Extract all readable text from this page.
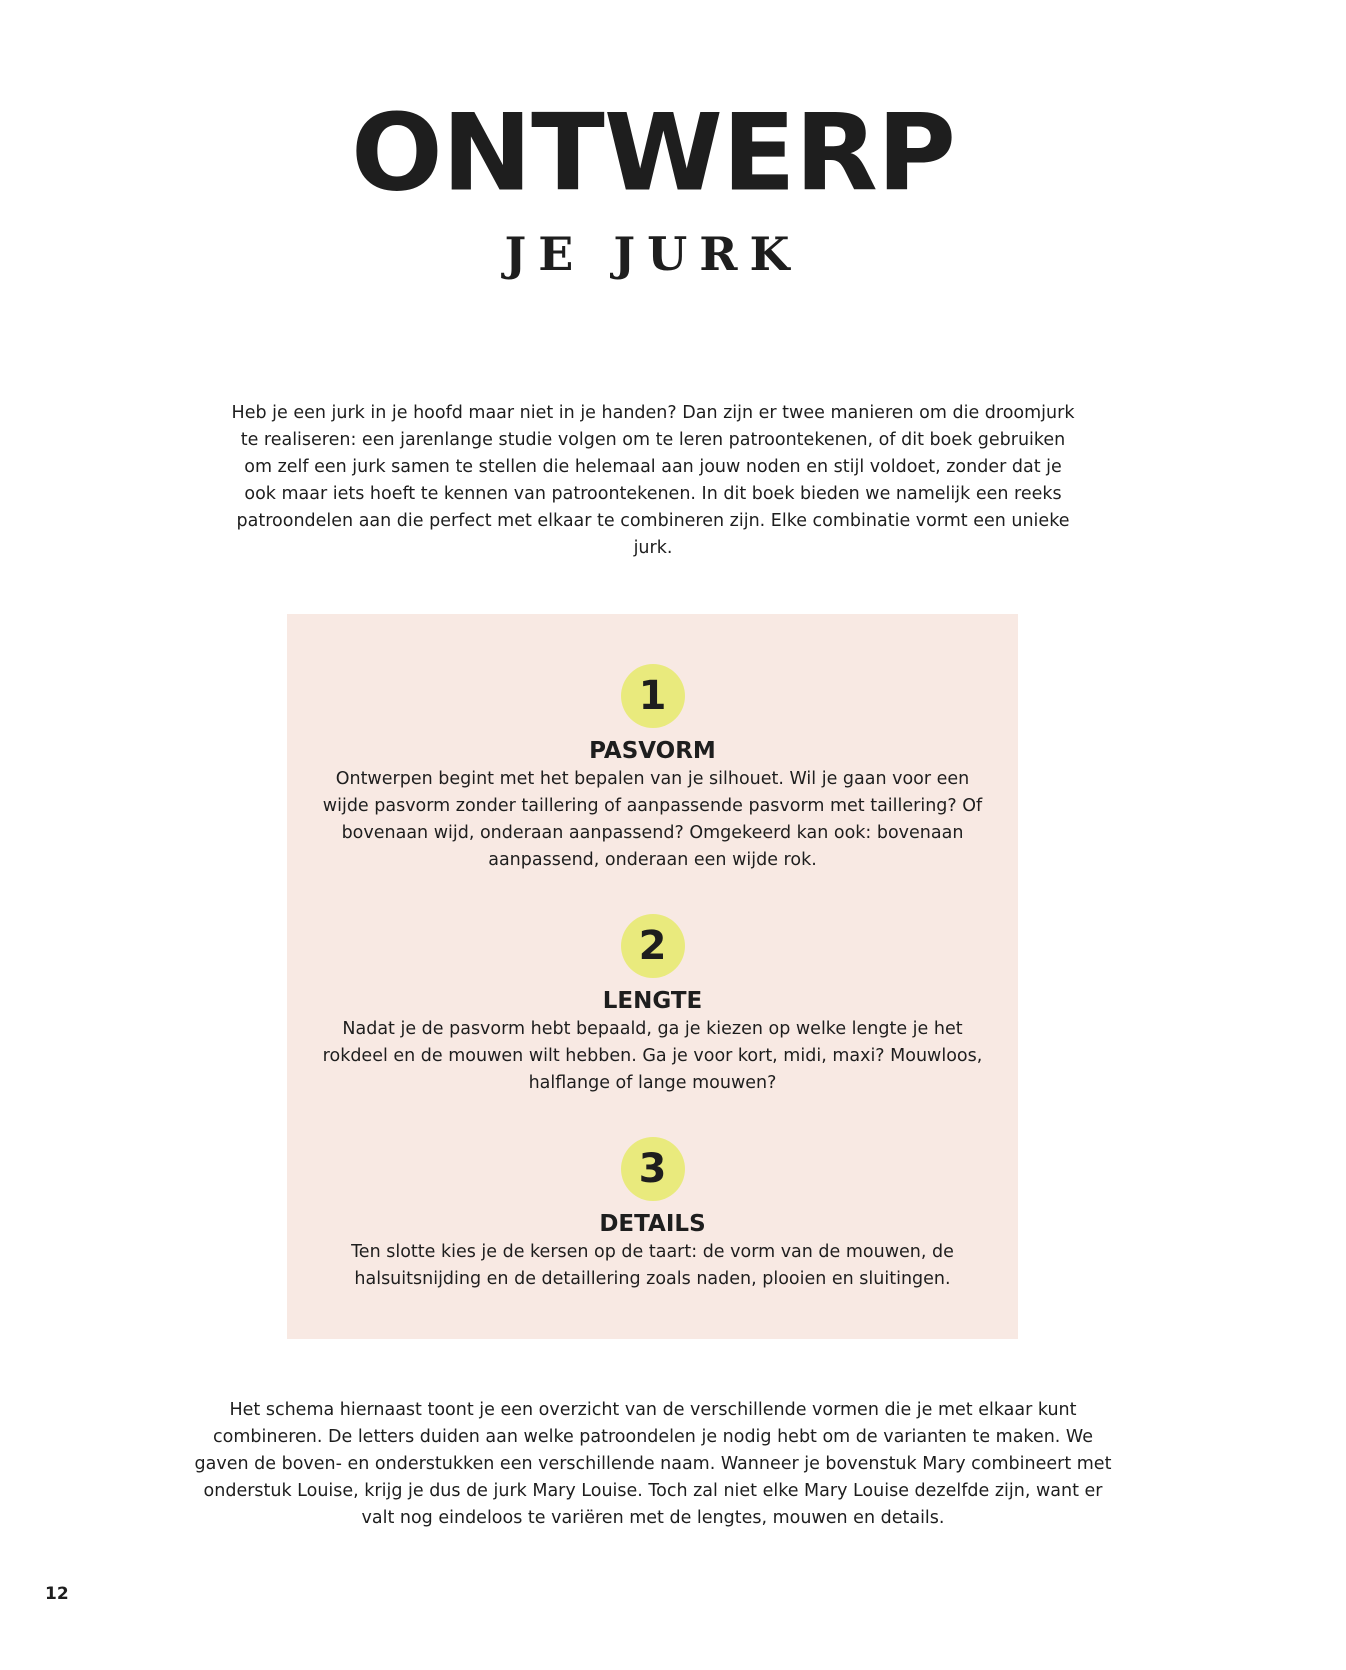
ONTWERP
JE JURK

Heb je een jurk in je hoofd maar niet in je handen? Dan zijn er twee manieren om die droomjurk te realiseren: een jarenlange studie volgen om te leren patroontekenen, of dit boek gebruiken om zelf een jurk samen te stellen die helemaal aan jouw noden en stijl voldoet, zonder dat je ook maar iets hoeft te kennen van patroontekenen. In dit boek bieden we namelijk een reeks patroondelen aan die perfect met elkaar te combineren zijn. Elke combinatie vormt een unieke jurk.

1
PASVORM

Ontwerpen begint met het bepalen van je silhouet. Wil je gaan voor een wijde pasvorm zonder taillering of aanpassende pasvorm met taillering? Of bovenaan wijd, onderaan aanpassend? Omgekeerd kan ook: bovenaan aanpassend, onderaan een wijde rok.

2
LENGTE

Nadat je de pasvorm hebt bepaald, ga je kiezen op welke lengte je het rokdeel en de mouwen wilt hebben. Ga je voor kort, midi, maxi? Mouwloos, halflange of lange mouwen?

3
DETAILS

Ten slotte kies je de kersen op de taart: de vorm van de mouwen, de halsuitsnijding en de detaillering zoals naden, plooien en sluitingen.

Het schema hiernaast toont je een overzicht van de verschillende vormen die je met elkaar kunt combineren. De letters duiden aan welke patroondelen je nodig hebt om de varianten te maken. We gaven de boven- en onderstukken een verschillende naam. Wanneer je bovenstuk Mary combineert met onderstuk Louise, krijg je dus de jurk Mary Louise. Toch zal niet elke Mary Louise dezelfde zijn, want er valt nog eindeloos te variëren met de lengtes, mouwen en details.

12
